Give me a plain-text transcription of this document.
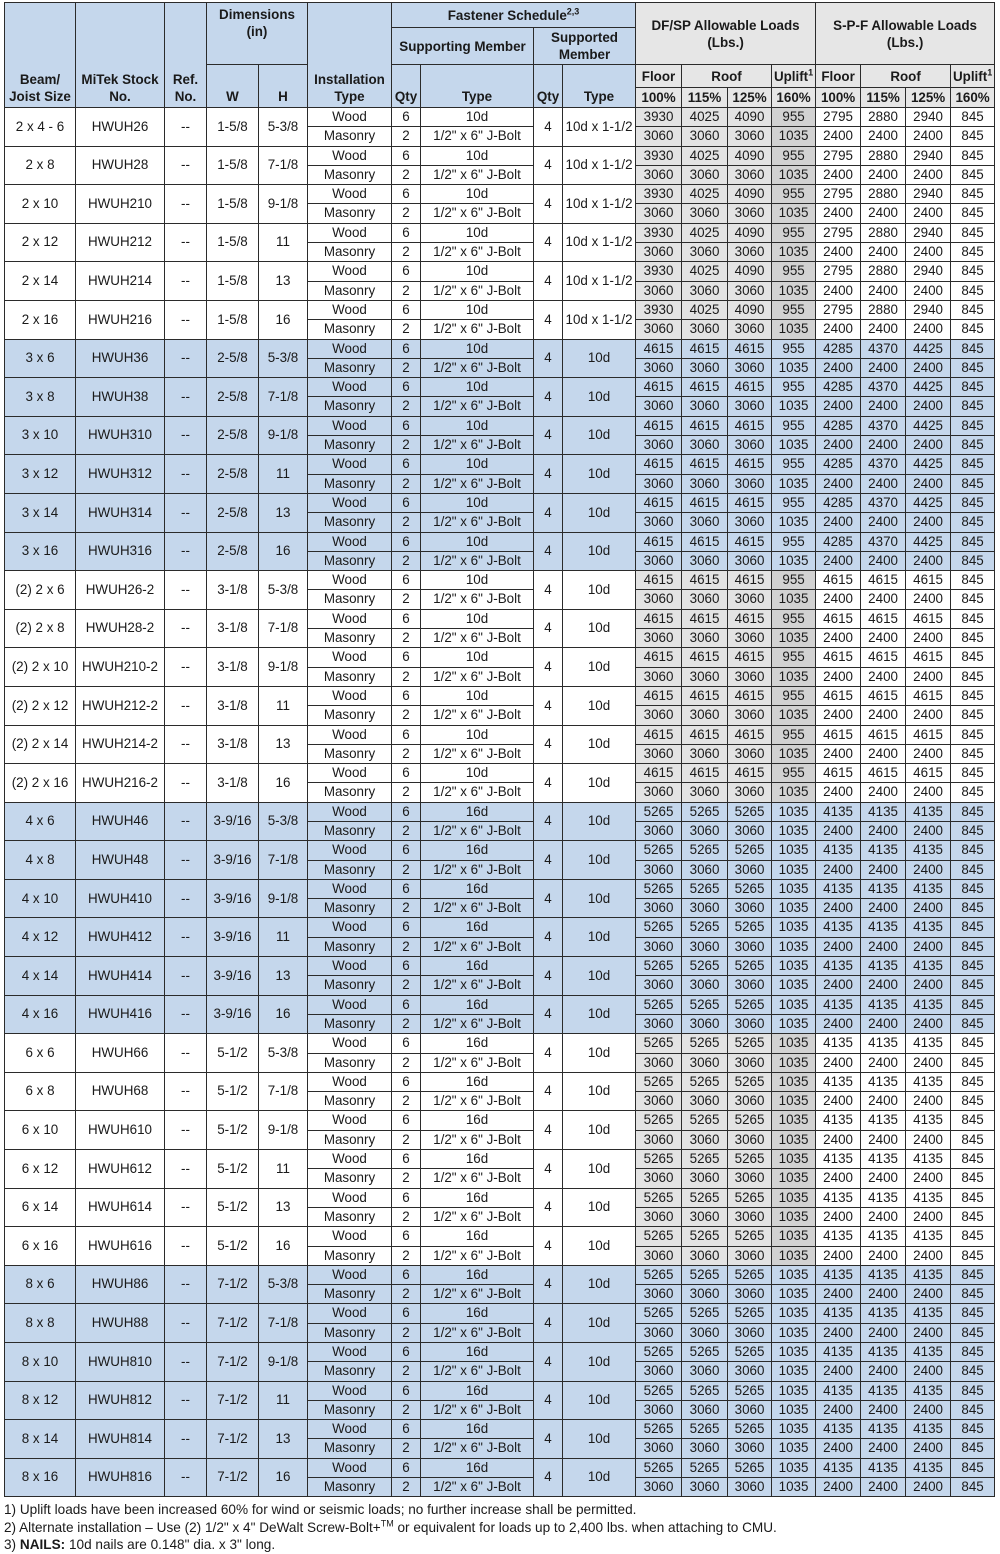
Beam/ Joist Size	MiTek Stock No.	Ref. No.	Dimensions (in)		Installation Type	Fastener Schedule$^{2,3}$				DF/SP Allowable Loads (Lbs.)				S-P-F Allowable Loads (Lbs.)			
						Supporting Member		Supported Member									
			W	H		Qty	Type	Qty	Type	Floor	Roof		Uplift$^1$	Floor	Roof		Uplift$^1$
										100%	115%	125%	160%	100%	115%	125%	160%
2 x 4 - 6	HWUH26	--	1-5/8	5-3/8	Wood	6	10d	4	10d x 1-1/2	3930	4025	4090	955	2795	2880	2940	845
					Masonry	2	1/2" x 6" J-Bolt			3060	3060	3060	1035	2400	2400	2400	845
2 x 8	HWUH28	--	1-5/8	7-1/8	Wood	6	10d	4	10d x 1-1/2	3930	4025	4090	955	2795	2880	2940	845
					Masonry	2	1/2" x 6" J-Bolt			3060	3060	3060	1035	2400	2400	2400	845
2 x 10	HWUH210	--	1-5/8	9-1/8	Wood	6	10d	4	10d x 1-1/2	3930	4025	4090	955	2795	2880	2940	845
					Masonry	2	1/2" x 6" J-Bolt			3060	3060	3060	1035	2400	2400	2400	845
2 x 12	HWUH212	--	1-5/8	11	Wood	6	10d	4	10d x 1-1/2	3930	4025	4090	955	2795	2880	2940	845
					Masonry	2	1/2" x 6" J-Bolt			3060	3060	3060	1035	2400	2400	2400	845
2 x 14	HWUH214	--	1-5/8	13	Wood	6	10d	4	10d x 1-1/2	3930	4025	4090	955	2795	2880	2940	845
					Masonry	2	1/2" x 6" J-Bolt			3060	3060	3060	1035	2400	2400	2400	845
2 x 16	HWUH216	--	1-5/8	16	Wood	6	10d	4	10d x 1-1/2	3930	4025	4090	955	2795	2880	2940	845
					Masonry	2	1/2" x 6" J-Bolt			3060	3060	3060	1035	2400	2400	2400	845
3 x 6	HWUH36	--	2-5/8	5-3/8	Wood	6	10d	4	10d	4615	4615	4615	955	4285	4370	4425	845
					Masonry	2	1/2" x 6" J-Bolt			3060	3060	3060	1035	2400	2400	2400	845
3 x 8	HWUH38	--	2-5/8	7-1/8	Wood	6	10d	4	10d	4615	4615	4615	955	4285	4370	4425	845
					Masonry	2	1/2" x 6" J-Bolt			3060	3060	3060	1035	2400	2400	2400	845
3 x 10	HWUH310	--	2-5/8	9-1/8	Wood	6	10d	4	10d	4615	4615	4615	955	4285	4370	4425	845
					Masonry	2	1/2" x 6" J-Bolt			3060	3060	3060	1035	2400	2400	2400	845
3 x 12	HWUH312	--	2-5/8	11	Wood	6	10d	4	10d	4615	4615	4615	955	4285	4370	4425	845
					Masonry	2	1/2" x 6" J-Bolt			3060	3060	3060	1035	2400	2400	2400	845
3 x 14	HWUH314	--	2-5/8	13	Wood	6	10d	4	10d	4615	4615	4615	955	4285	4370	4425	845
					Masonry	2	1/2" x 6" J-Bolt			3060	3060	3060	1035	2400	2400	2400	845
3 x 16	HWUH316	--	2-5/8	16	Wood	6	10d	4	10d	4615	4615	4615	955	4285	4370	4425	845
					Masonry	2	1/2" x 6" J-Bolt			3060	3060	3060	1035	2400	2400	2400	845
(2) 2 x 6	HWUH26-2	--	3-1/8	5-3/8	Wood	6	10d	4	10d	4615	4615	4615	955	4615	4615	4615	845
					Masonry	2	1/2" x 6" J-Bolt			3060	3060	3060	1035	2400	2400	2400	845
(2) 2 x 8	HWUH28-2	--	3-1/8	7-1/8	Wood	6	10d	4	10d	4615	4615	4615	955	4615	4615	4615	845
					Masonry	2	1/2" x 6" J-Bolt			3060	3060	3060	1035	2400	2400	2400	845
(2) 2 x 10	HWUH210-2	--	3-1/8	9-1/8	Wood	6	10d	4	10d	4615	4615	4615	955	4615	4615	4615	845
					Masonry	2	1/2" x 6" J-Bolt			3060	3060	3060	1035	2400	2400	2400	845
(2) 2 x 12	HWUH212-2	--	3-1/8	11	Wood	6	10d	4	10d	4615	4615	4615	955	4615	4615	4615	845
					Masonry	2	1/2" x 6" J-Bolt			3060	3060	3060	1035	2400	2400	2400	845
(2) 2 x 14	HWUH214-2	--	3-1/8	13	Wood	6	10d	4	10d	4615	4615	4615	955	4615	4615	4615	845
					Masonry	2	1/2" x 6" J-Bolt			3060	3060	3060	1035	2400	2400	2400	845
(2) 2 x 16	HWUH216-2	--	3-1/8	16	Wood	6	10d	4	10d	4615	4615	4615	955	4615	4615	4615	845
					Masonry	2	1/2" x 6" J-Bolt			3060	3060	3060	1035	2400	2400	2400	845
4 x 6	HWUH46	--	3-9/16	5-3/8	Wood	6	16d	4	10d	5265	5265	5265	1035	4135	4135	4135	845
					Masonry	2	1/2" x 6" J-Bolt			3060	3060	3060	1035	2400	2400	2400	845
4 x 8	HWUH48	--	3-9/16	7-1/8	Wood	6	16d	4	10d	5265	5265	5265	1035	4135	4135	4135	845
					Masonry	2	1/2" x 6" J-Bolt			3060	3060	3060	1035	2400	2400	2400	845
4 x 10	HWUH410	--	3-9/16	9-1/8	Wood	6	16d	4	10d	5265	5265	5265	1035	4135	4135	4135	845
					Masonry	2	1/2" x 6" J-Bolt			3060	3060	3060	1035	2400	2400	2400	845
4 x 12	HWUH412	--	3-9/16	11	Wood	6	16d	4	10d	5265	5265	5265	1035	4135	4135	4135	845
					Masonry	2	1/2" x 6" J-Bolt			3060	3060	3060	1035	2400	2400	2400	845
4 x 14	HWUH414	--	3-9/16	13	Wood	6	16d	4	10d	5265	5265	5265	1035	4135	4135	4135	845
					Masonry	2	1/2" x 6" J-Bolt			3060	3060	3060	1035	2400	2400	2400	845
4 x 16	HWUH416	--	3-9/16	16	Wood	6	16d	4	10d	5265	5265	5265	1035	4135	4135	4135	845
					Masonry	2	1/2" x 6" J-Bolt			3060	3060	3060	1035	2400	2400	2400	845
6 x 6	HWUH66	--	5-1/2	5-3/8	Wood	6	16d	4	10d	5265	5265	5265	1035	4135	4135	4135	845
					Masonry	2	1/2" x 6" J-Bolt			3060	3060	3060	1035	2400	2400	2400	845
6 x 8	HWUH68	--	5-1/2	7-1/8	Wood	6	16d	4	10d	5265	5265	5265	1035	4135	4135	4135	845
					Masonry	2	1/2" x 6" J-Bolt			3060	3060	3060	1035	2400	2400	2400	845
6 x 10	HWUH610	--	5-1/2	9-1/8	Wood	6	16d	4	10d	5265	5265	5265	1035	4135	4135	4135	845
					Masonry	2	1/2" x 6" J-Bolt			3060	3060	3060	1035	2400	2400	2400	845
6 x 12	HWUH612	--	5-1/2	11	Wood	6	16d	4	10d	5265	5265	5265	1035	4135	4135	4135	845
					Masonry	2	1/2" x 6" J-Bolt			3060	3060	3060	1035	2400	2400	2400	845
6 x 14	HWUH614	--	5-1/2	13	Wood	6	16d	4	10d	5265	5265	5265	1035	4135	4135	4135	845
					Masonry	2	1/2" x 6" J-Bolt			3060	3060	3060	1035	2400	2400	2400	845
6 x 16	HWUH616	--	5-1/2	16	Wood	6	16d	4	10d	5265	5265	5265	1035	4135	4135	4135	845
					Masonry	2	1/2" x 6" J-Bolt			3060	3060	3060	1035	2400	2400	2400	845
8 x 6	HWUH86	--	7-1/2	5-3/8	Wood	6	16d	4	10d	5265	5265	5265	1035	4135	4135	4135	845
					Masonry	2	1/2" x 6" J-Bolt			3060	3060	3060	1035	2400	2400	2400	845
8 x 8	HWUH88	--	7-1/2	7-1/8	Wood	6	16d	4	10d	5265	5265	5265	1035	4135	4135	4135	845
					Masonry	2	1/2" x 6" J-Bolt			3060	3060	3060	1035	2400	2400	2400	845
8 x 10	HWUH810	--	7-1/2	9-1/8	Wood	6	16d	4	10d	5265	5265	5265	1035	4135	4135	4135	845
					Masonry	2	1/2" x 6" J-Bolt			3060	3060	3060	1035	2400	2400	2400	845
8 x 12	HWUH812	--	7-1/2	11	Wood	6	16d	4	10d	5265	5265	5265	1035	4135	4135	4135	845
					Masonry	2	1/2" x 6" J-Bolt			3060	3060	3060	1035	2400	2400	2400	845
8 x 14	HWUH814	--	7-1/2	13	Wood	6	16d	4	10d	5265	5265	5265	1035	4135	4135	4135	845
					Masonry	2	1/2" x 6" J-Bolt			3060	3060	3060	1035	2400	2400	2400	845
8 x 16	HWUH816	--	7-1/2	16	Wood	6	16d	4	10d	5265	5265	5265	1035	4135	4135	4135	845
					Masonry	2	1/2" x 6" J-Bolt			3060	3060	3060	1035	2400	2400	2400	845
1) Uplift loads have been increased 60% for wind or seismic loads; no further increase shall be permitted.
2) Alternate installation – Use (2) 1/2" x 4" DeWalt Screw-Bolt+™ or equivalent for loads up to 2,400 lbs. when attaching to CMU.
3) NAILS: 10d nails are 0.148" dia. x 3" long.
